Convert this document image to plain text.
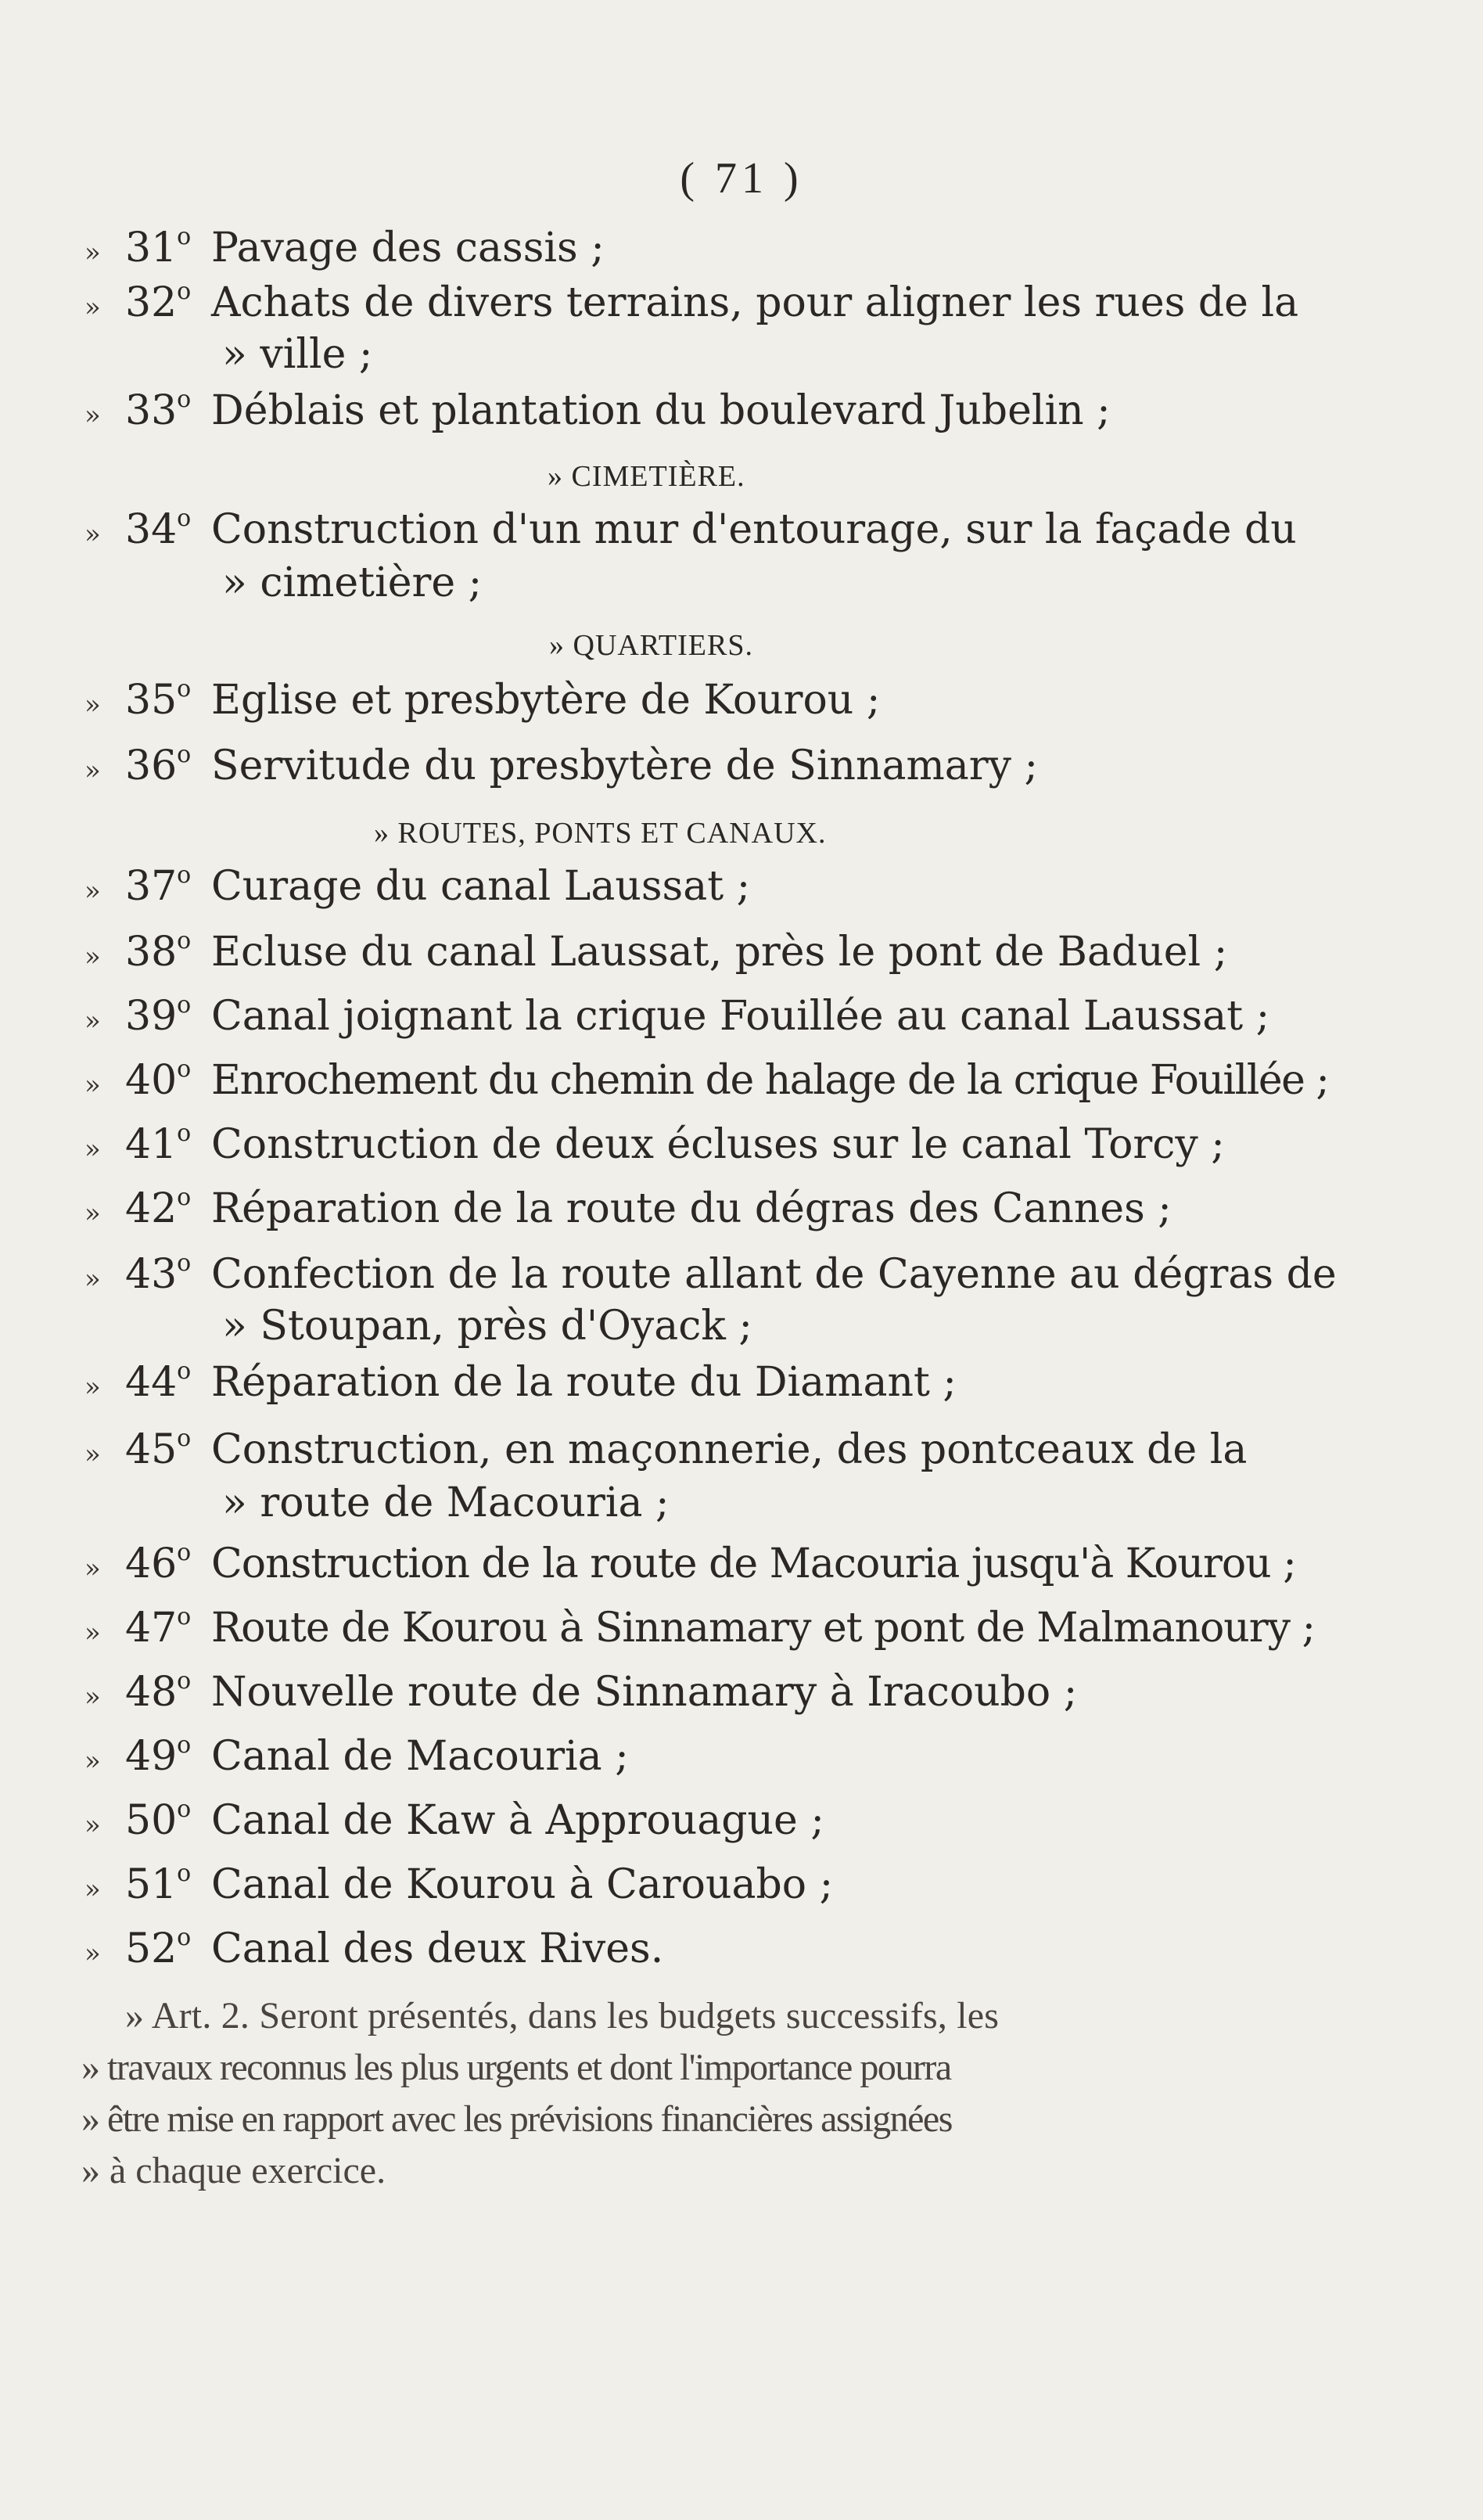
( 71 )
» 31$^o$ Pavage des cassis ;
» 32$^o$ Achats de divers terrains, pour aligner les rues de la
» ville ;
» 33$^o$ Déblais et plantation du boulevard Jubelin ;
» CIMETIÈRE.
» 34$^o$ Construction d'un mur d'entourage, sur la façade du
» cimetière ;
» QUARTIERS.
» 35$^o$ Eglise et presbytère de Kourou ;
» 36$^o$ Servitude du presbytère de Sinnamary ;
» ROUTES, PONTS ET CANAUX.
» 37$^o$ Curage du canal Laussat ;
» 38$^o$ Ecluse du canal Laussat, près le pont de Baduel ;
» 39$^o$ Canal joignant la crique Fouillée au canal Laussat ;
» 40$^o$ Enrochement du chemin de halage de la crique Fouillée ;
» 41$^o$ Construction de deux écluses sur le canal Torcy ;
» 42$^o$ Réparation de la route du dégras des Cannes ;
» 43$^o$ Confection de la route allant de Cayenne au dégras de
» Stoupan, près d'Oyack ;
» 44$^o$ Réparation de la route du Diamant ;
» 45$^o$ Construction, en maçonnerie, des pontceaux de la
» route de Macouria ;
» 46$^o$ Construction de la route de Macouria jusqu'à Kourou ;
» 47$^o$ Route de Kourou à Sinnamary et pont de Malmanoury ;
» 48$^o$ Nouvelle route de Sinnamary à Iracoubo ;
» 49$^o$ Canal de Macouria ;
» 50$^o$ Canal de Kaw à Approuague ;
» 51$^o$ Canal de Kourou à Carouabo ;
» 52$^o$ Canal des deux Rives.
» Art. 2. Seront présentés, dans les budgets successifs, les
» travaux reconnus les plus urgents et dont l'importance pourra
» être mise en rapport avec les prévisions financières assignées
» à chaque exercice.
